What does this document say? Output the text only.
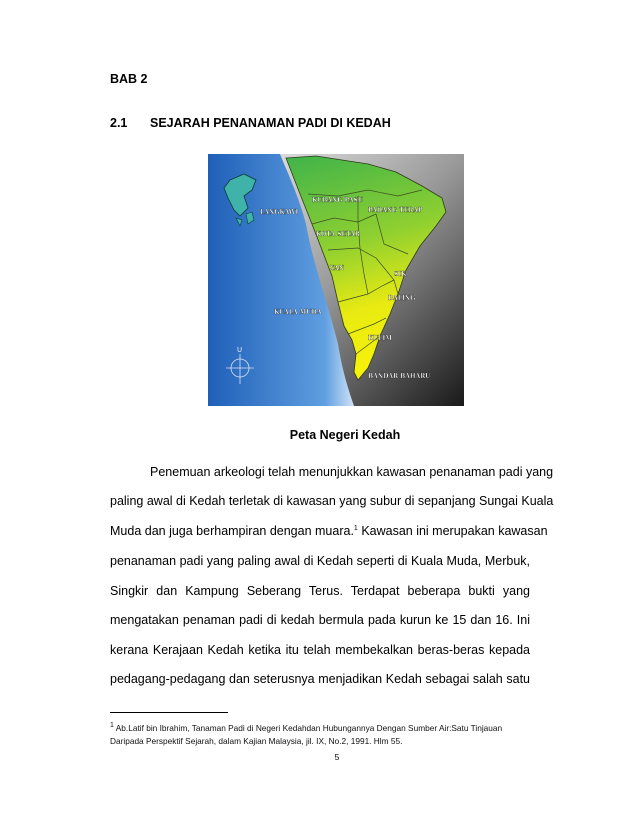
BAB 2
2.1 SEJARAH PENANAMAN PADI DI KEDAH
KUBANG PASU
LANGKAWI	PADANG TERAP
KOTA SETAR
YAN
SIK
BALING
KUALA MUDA
KULIM
BANDAR BAHARU
U
Peta Negeri Kedah
Penemuan arkeologi telah menunjukkan kawasan penanaman padi yang
paling awal di Kedah terletak di kawasan yang subur di sepanjang Sungai Kuala
Muda dan juga berhampiran dengan muara.$^1$ Kawasan ini merupakan kawasan
penanaman padi yang paling awal di Kedah seperti di Kuala Muda, Merbuk,
Singkir dan Kampung Seberang Terus. Terdapat beberapa bukti yang
mengatakan penaman padi di kedah bermula pada kurun ke 15 dan 16. Ini
kerana Kerajaan Kedah ketika itu telah membekalkan beras-beras kepada
pedagang-pedagang dan seterusnya menjadikan Kedah sebagai salah satu
$^1$ Ab.Latif bin Ibrahim, Tanaman Padi di Negeri Kedahdan Hubungannya Dengan Sumber Air:Satu Tinjauan
Daripada Perspektif Sejarah, dalam Kajian Malaysia, jil. IX, No.2, 1991. Hlm 55.
5
